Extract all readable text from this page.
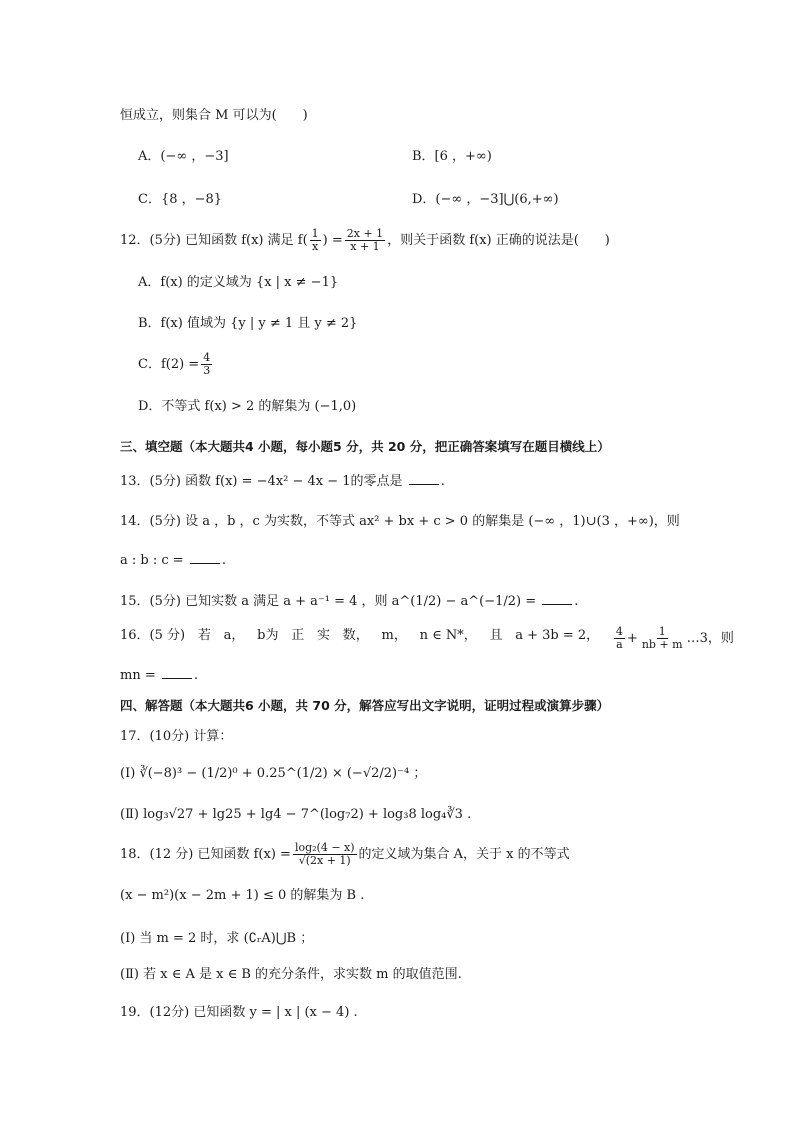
恒成立，则集合 M 可以为(　　)
A．(−∞ ，−3]	B．[6 ，+∞)
C．{8 ，−8}	D．(−∞ ，−3]⋃(6,+∞)
12．(5分) 已知函数 f(x) 满足 $f( \frac{1}{x}$ ) = $\frac{2x + 1}{x + 1}$ ，则关于函数 f(x) 正确的说法是(　　)
A．f(x) 的定义域为 {x | x ≠ −1}
B．f(x) 值域为 {y | y ≠ 1 且 y ≠ 2}
C．$f(2) = \frac{4}{3}$
D．不等式 f(x) > 2 的解集为 (−1,0)
三、填空题（本大题共4 小题，每小题5 分，共 20 分，把正确答案填写在题目横线上）
13．(5分) 函数 f(x) = −4x² − 4x − 1的零点是	.
14．(5分) 设 a ，b ，c 为实数，不等式 ax² + bx + c > 0 的解集是 (−∞ ，1)∪(3 ，+∞)，则
a : b : c =	.
15．(5分) 已知实数 a 满足 a + a⁻¹ = 4 ，则 a^(1/2) − a^(−1/2) =	.
16．(5 分) 若 a， b为 正 实 数， m， n ∈ N*， 且 a + 3b = 2， $\frac{4}{a} + \frac{1}{nb + m}$ …3，则
mn =	.
四、解答题（本大题共6 小题，共 70 分，解答应写出文字说明，证明过程或演算步骤）
17．(10分) 计算：
(Ⅰ) ∛(−8)³ − (1/2)⁰ + 0.25^(1/2) × (−√2/2)⁻⁴ ；
(Ⅱ) log₃√27 + lg25 + lg4 − 7^(log₇2) + log₃8 log₄∛3 .
18．(12 分) 已知函数 $f(x) = \frac{\text{log₂(4 − x)}}{√(2x + 1)}$ 的定义域为集合 A，关于 x 的不等式
(x − m²)(x − 2m + 1) ≤ 0 的解集为 B .
(Ⅰ) 当 m = 2 时，求 (∁ᵣA)⋃B ；
(Ⅱ) 若 x ∈ A 是 x ∈ B 的充分条件，求实数 m 的取值范围.
19．(12分) 已知函数 y = | x | (x − 4) .
